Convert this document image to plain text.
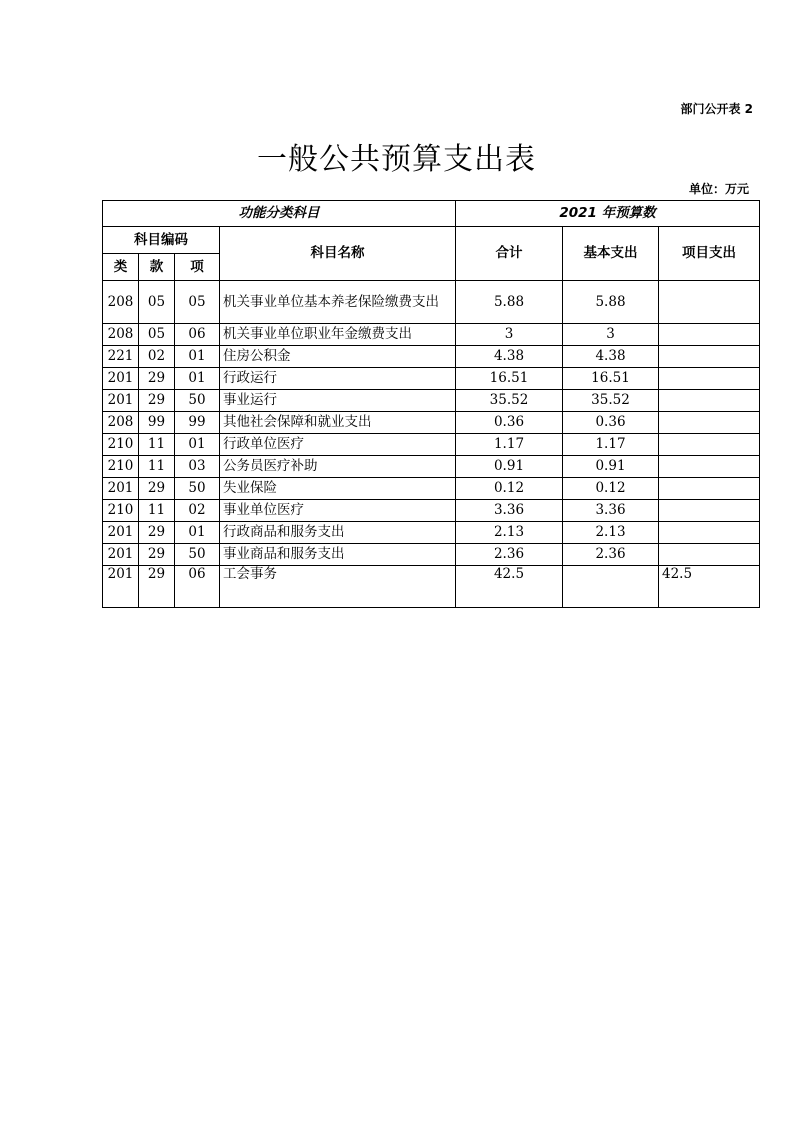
部门公开表 2
一般公共预算支出表
单位：万元
功能分类科目				2021 年预算数		
科目编码			科目名称	合计	基本支出	项目支出
类	款	项				
208	05	05	机关事业单位基本养老保险缴费支出	5.88	5.88	
208	05	06	机关事业单位职业年金缴费支出	3	3	
221	02	01	住房公积金	4.38	4.38	
201	29	01	行政运行	16.51	16.51	
201	29	50	事业运行	35.52	35.52	
208	99	99	其他社会保障和就业支出	0.36	0.36	
210	11	01	行政单位医疗	1.17	1.17	
210	11	03	公务员医疗补助	0.91	0.91	
201	29	50	失业保险	0.12	0.12	
210	11	02	事业单位医疗	3.36	3.36	
201	29	01	行政商品和服务支出	2.13	2.13	
201	29	50	事业商品和服务支出	2.36	2.36	
201	29	06	工会事务	42.5		42.5
